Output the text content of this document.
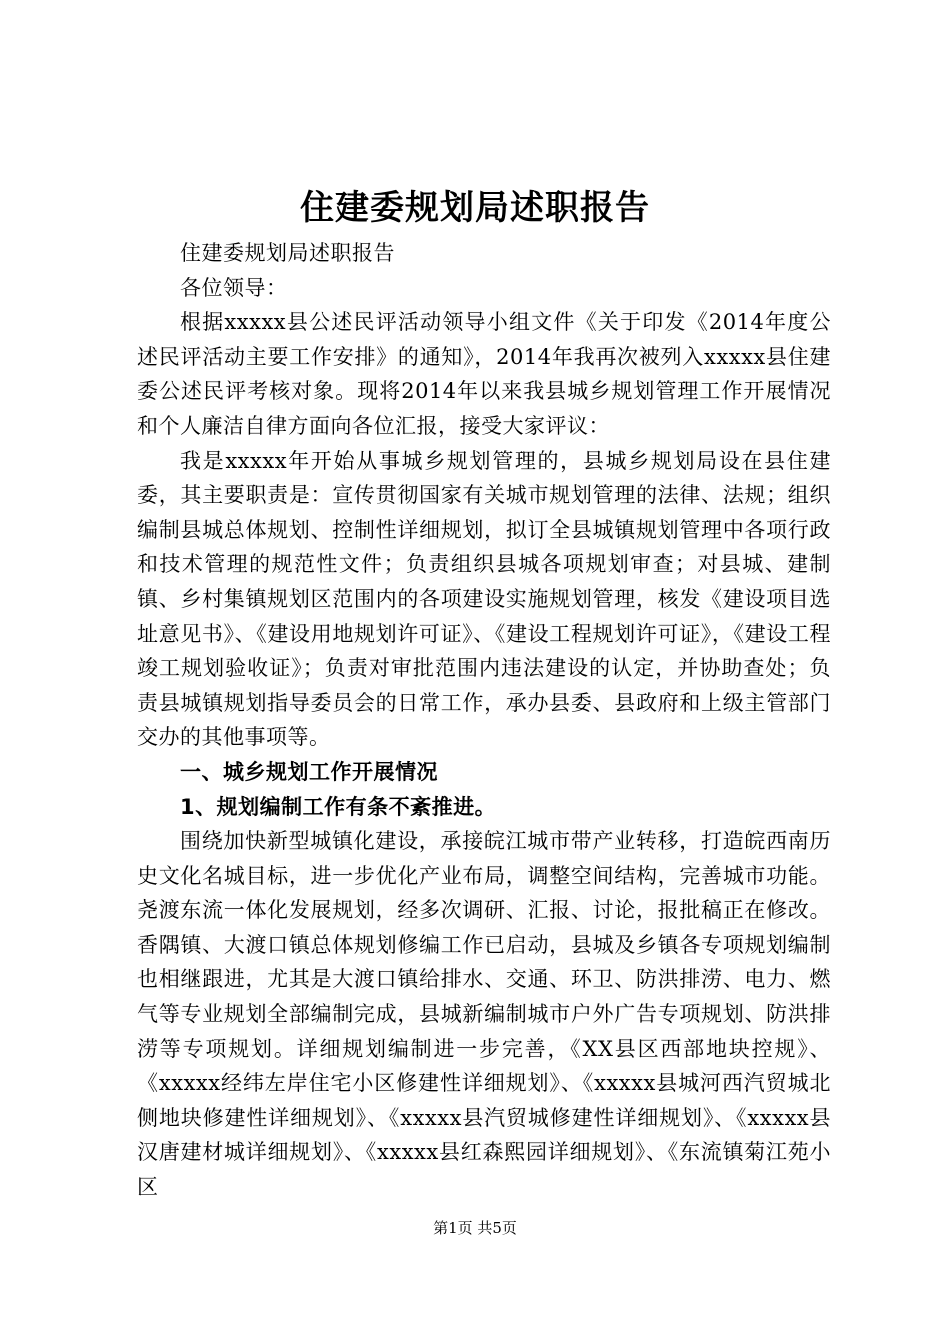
住建委规划局述职报告

住建委规划局述职报告

各位领导：

根据xxxxx县公述民评活动领导小组文件《关于印发《2014年度公述民评活动主要工作安排》的通知》，2014年我再次被列入xxxxx县住建委公述民评考核对象。现将2014年以来我县城乡规划管理工作开展情况和个人廉洁自律方面向各位汇报，接受大家评议：

我是xxxxx年开始从事城乡规划管理的，县城乡规划局设在县住建委，其主要职责是：宣传贯彻国家有关城市规划管理的法律、法规；组织编制县城总体规划、控制性详细规划，拟订全县城镇规划管理中各项行政和技术管理的规范性文件；负责组织县城各项规划审查；对县城、建制镇、乡村集镇规划区范围内的各项建设实施规划管理，核发《建设项目选址意见书》、《建设用地规划许可证》、《建设工程规划许可证》，《建设工程竣工规划验收证》；负责对审批范围内违法建设的认定，并协助查处；负责县城镇规划指导委员会的日常工作，承办县委、县政府和上级主管部门交办的其他事项等。

一、城乡规划工作开展情况

1、规划编制工作有条不紊推进。

围绕加快新型城镇化建设，承接皖江城市带产业转移，打造皖西南历史文化名城目标，进一步优化产业布局，调整空间结构，完善城市功能。尧渡东流一体化发展规划，经多次调研、汇报、讨论，报批稿正在修改。香隅镇、大渡口镇总体规划修编工作已启动，县城及乡镇各专项规划编制也相继跟进，尤其是大渡口镇给排水、交通、环卫、防洪排涝、电力、燃气等专业规划全部编制完成，县城新编制城市户外广告专项规划、防洪排涝等专项规划。详细规划编制进一步完善，《XX县区西部地块控规》、《xxxxx经纬左岸住宅小区修建性详细规划》、《xxxxx县城河西汽贸城北侧地块修建性详细规划》、《xxxxx县汽贸城修建性详细规划》、《xxxxx县汉唐建材城详细规划》、《xxxxx县红森熙园详细规划》、《东流镇菊江苑小区

第1页 共5页
